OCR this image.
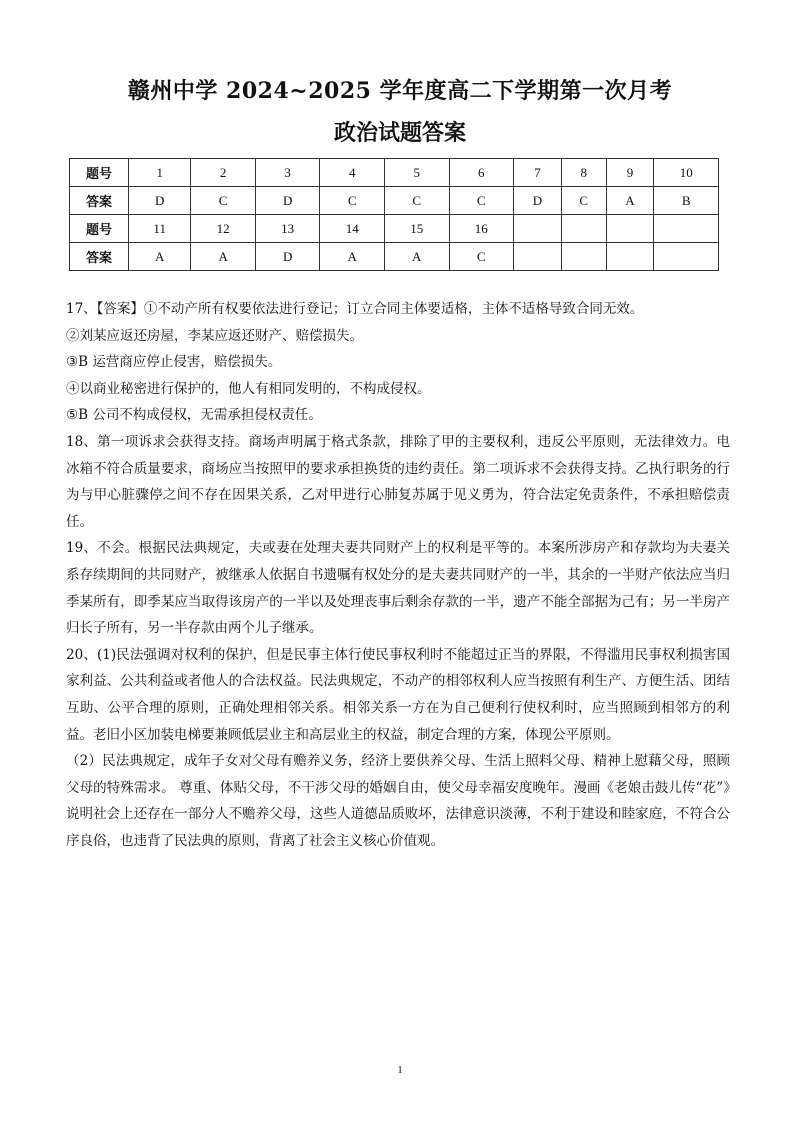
赣州中学 2024~2025 学年度高二下学期第一次月考
政治试题答案
题号	1	2	3	4	5	6	7	8	9	10
答案	D	C	D	C	C	C	D	C	A	B
题号	11	12	13	14	15	16				
答案	A	A	D	A	A	C				

17、【答案】①不动产所有权要依法进行登记；订立合同主体要适格，主体不适格导致合同无效。

②刘某应返还房屋，李某应返还财产、赔偿损失。

③B 运营商应停止侵害，赔偿损失。

④以商业秘密进行保护的，他人有相同发明的，不构成侵权。

⑤B 公司不构成侵权，无需承担侵权责任。

18、第一项诉求会获得支持。商场声明属于格式条款，排除了甲的主要权利，违反公平原则，无法律效力。电冰箱不符合质量要求，商场应当按照甲的要求承担换货的违约责任。第二项诉求不会获得支持。乙执行职务的行为与甲心脏骤停之间不存在因果关系，乙对甲进行心肺复苏属于见义勇为，符合法定免责条件，不承担赔偿责任。

19、不会。根据民法典规定，夫或妻在处理夫妻共同财产上的权利是平等的。本案所涉房产和存款均为夫妻关系存续期间的共同财产，被继承人依据自书遗嘱有权处分的是夫妻共同财产的一半，其余的一半财产依法应当归季某所有，即季某应当取得该房产的一半以及处理丧事后剩余存款的一半，遗产不能全部据为己有；另一半房产归长子所有，另一半存款由两个儿子继承。

20、(1)民法强调对权利的保护，但是民事主体行使民事权利时不能超过正当的界限，不得滥用民事权利损害国家利益、公共利益或者他人的合法权益。民法典规定，不动产的相邻权利人应当按照有利生产、方便生活、团结互助、公平合理的原则，正确处理相邻关系。相邻关系一方在为自己便利行使权利时，应当照顾到相邻方的利益。老旧小区加装电梯要兼顾低层业主和高层业主的权益，制定合理的方案，体现公平原则。

（2）民法典规定，成年子女对父母有赡养义务，经济上要供养父母、生活上照料父母、精神上慰藉父母，照顾父母的特殊需求。 尊重、体贴父母，不干涉父母的婚姻自由，使父母幸福安度晚年。漫画《老娘击鼓儿传“花”》说明社会上还存在一部分人不赡养父母，这些人道德品质败坏，法律意识淡薄，不利于建设和睦家庭，不符合公序良俗，也违背了民法典的原则，背离了社会主义核心价值观。

1
